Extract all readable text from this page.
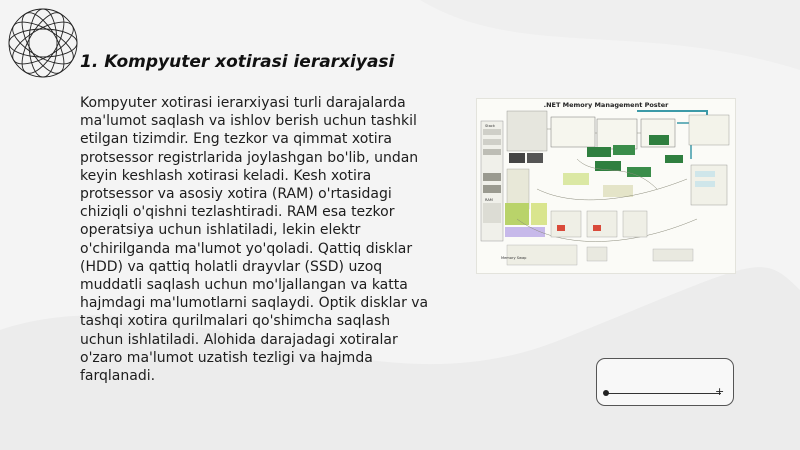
1. Kompyuter xotirasi ierarxiyasi

Kompyuter xotirasi ierarxiyasi turli darajalarda ma'lumot saqlash va ishlov berish uchun tashkil etilgan tizimdir. Eng tezkor va qimmat xotira protsessor registrlarida joylashgan bo'lib, undan keyin keshlash xotirasi keladi. Kesh xotira protsessor va asosiy xotira (RAM) o'rtasidagi chiziqli o'qishni tezlashtiradi. RAM esa tezkor operatsiya uchun ishlatiladi, lekin elektr o'chirilganda ma'lumot yo'qoladi. Qattiq disklar (HDD) va qattiq holatli drayvlar (SSD) uzoq muddatli saqlash uchun mo'ljallangan va katta hajmdagi ma'lumotlarni saqlaydi. Optik disklar va tashqi xotira qurilmalari qo'shimcha saqlash uchun ishlatiladi. Alohida darajadagi xotiralar o'zaro ma'lumot uzatish tezligi va hajmda farqlanadi.

Stack
RAM
Memory Swap
.NET Memory Management Poster
+
